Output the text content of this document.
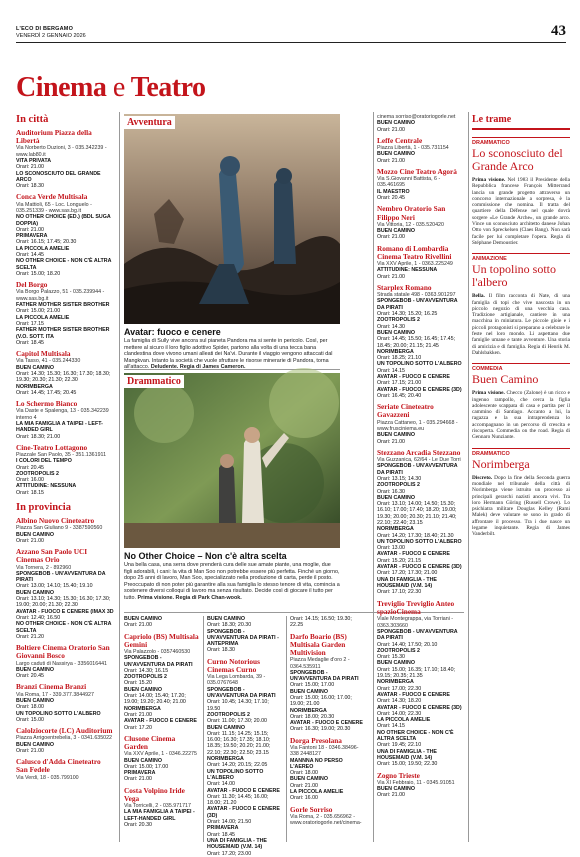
L'ECO DI BERGAMO
VENERDÌ 2 GENNAIO 2026	43
Cinema e Teatro
In città
Auditorium Piazza della Libertà
Via Norberto Duzioni, 3 - 035.342239 - www.lab80.it
VITA PRIVATA
Orari: 21.00
LO SCONOSCIUTO DEL GRANDE ARCO
Orari: 18.30
Conca Verde Multisala
Via Mattioli, 65 - Loc. Longuelo - 035.251339 - www.sas.bg.it
NO OTHER CHOICE (ED.) (BDL SUGA DOPPIA)
Orari: 21.00
PRIMAVERA
Orari: 16.15; 17.45; 20.30
LA PICCOLA AMELIE
Orari: 14.45
NO OTHER CHOICE - NON C'È ALTRA SCELTA
Orari: 15.00; 18.20
Del Borgo
Via Borgo Palazzo, 51 - 035.239944 - www.sas.bg.it
FATHER MOTHER SISTER BROTHER
Orari: 15.00; 21.00
LA PICCOLA AMELIE
Orari: 17.15
FATHER MOTHER SISTER BROTHER (V.O. SOTT. ITA
Orari: 18.45
Capitol Multisala
Via Tasso, 41 - 035.244330
BUEN CAMINO
Orari: 14.30; 15.30; 16.30; 17.30; 18.30; 19.30; 20.30; 21.30; 22.30
NORIMBERGA
Orari: 14.45; 17.45; 20.45
Lo Schermo Bianco
Via Daste e Spalenga, 13 - 035.342239 interno 4
LA MIA FAMIGLIA A TAIPEI - LEFT-HANDED GIRL
Orari: 18.30; 21.00
Cine-Teatro Lottagono
Piazzale San Paolo, 35 - 351.1361911
I COLORI DEL TEMPO
Orari: 20.45
ZOOTROPOLIS 2
Orari: 16.00
ATTITUDINE: NESSUNA
Orari: 18.15
In provincia
Albino Nuovo Cineteatro
Piazza San Giuliano 9 - 3387590560
BUEN CAMINO
Orari: 21.00
Azzano San Paolo UCI Cinemas Orio
Via Tornera, 2 - 892960
SPONGEBOB - UN'AVVENTURA DA PIRATI
Orari: 13.00; 14.10; 15.40; 19.10
BUEN CAMINO
Orari: 13.10; 14.30; 15.30; 16.30; 17.30; 19.00; 20.00; 21.30; 22.30
AVATAR - FUOCO E CENERE (IMAX 3D
Orari: 12.40; 16.50
NO OTHER CHOICE - NON C'È ALTRA SCELTA
Orari: 21.20
Boltiere Cinema Oratorio San Giovanni Bosco
Largo caduti di Nassirya - 3356016441
BUEN CAMINO
Orari: 20.45
Branzi Cinema Branzi
Via Roma, 17 - 339.377.3844927
BUEN CAMINO
Orari: 18.00
UN TOPOLINO SOTTO L'ALBERO
Orari: 15.00
Calolziocorte (LC) Auditorium
Piazza Arrigoentrebelia, 3 - 0341.635022
BUEN CAMINO
Orari: 21.00
Calusco d'Adda Cineteatro San Fedele
Via Verdi, 18 - 035.799100
Avventura
Avatar: fuoco e cenere
La famiglia di Sully vive ancora sul pianeta Pandora ma si sente in pericolo. Così, per mettere al sicuro il loro figlio adottivo Spider, partono alla volta di una tecca bana clandestina dove vivono umani alleati dei Na'vi. Durante il viaggio vengono attaccati dal Mangkvan. Intanto la società che vuole sfruttare le risorse minerarie di Pandora, torna all'attacco. Deludente. Regia di James Cameron.
Drammatico
No Other Choice – Non c'è altra scelta
Una bella casa, una serra dove prenderà cura delle sue amate piante, una moglie, due figli adorabili, i cani: la vita di Man Soo non potrebbe essere più perfetta. Finché un giorno, dopo 25 anni di lavoro, Man Soo, specializzato nella produzione di carta, perde il posto. Preoccupato di non poter più garantire alla sua famiglia lo stesso tenore di vita, comincia a sostenere diversi colloqui di lavoro ma senza risultato. Decide così di giocare il tutto per tutto. Prima visione. Regia di Park Chan-wook.
BUEN CAMINO
Orari: 21.00
Capriolo (BS) Multisala Gemini
Via Palazzolo - 0357460530
SPONGEBOB - UN'AVVENTURA DA PIRATI
Orari: 14.30; 16.15
ZOOTROPOLIS 2
Orari: 15.20
BUEN CAMINO
Orari: 14.00; 15.40; 17.20; 19.00; 19.20; 20.40; 21.00
NORIMBERGA
Orari: 21.00
AVATAR - FUOCO E CENERE
Orari: 17.20
Clusone Cinema Garden
Via XXV Aprile, 1 - 0346.22275
BUEN CAMINO
Orari: 15.00; 17.00
PRIMAVERA
Orari: 21.00
Costa Volpino Iride Vega
Via Torricelli, 2 - 035.971717
LA MIA FAMIGLIA A TAIPEI - LEFT-HANDED GIRL
Orari: 20.30
BUEN CAMINO
Orari: 18.30; 20.30
SPONGEBOB - UN'AVVENTURA DA PIRATI - ANTEPRIMA
Orari: 18.30
Curno Notorious Cinemas Curno
Via Lega Lombarda, 39 - 035.0767648
SPONGEBOB - UN'AVVENTURA DA PIRATI
Orari: 10.45; 14.30; 17.10; 19.50
ZOOTROPOLIS 2
Orari: 11.00; 17.30; 20.00
BUEN CAMINO
Orari: 11.15; 14.25; 15.15; 16.00; 16.30; 17.35; 18.10; 18.35; 19.50; 20.20; 21.00; 22.10; 22.30; 22.50; 23.15
NORIMBERGA
Orari: 14.20; 20.15; 22.05
UN TOPOLINO SOTTO L'ALBERO
Orari: 14.00
AVATAR - FUOCO E CENERE
Orari: 11.30; 14.45; 16.00; 18.00; 21.20
AVATAR - FUOCO E CENERE (3D)
Orari: 14.00; 21.50
PRIMAVERA
Orari: 18.45
UNA DI FAMIGLIA - THE HOUSEMAID (V.M. 14)
Orari: 17.20; 23.00
Orari: 14.15; 16.50; 19.30; 22.25
Darfo Boario (BS) Multisala Garden Multivision
Piazza Medaglie d'oro 2 - 0364.535911
SPONGEBOB - UN'AVVENTURA DA PIRATI
Orari: 15.00; 17.00
BUEN CAMINO
Orari: 15.00; 16.00; 17.00; 19.00; 21.00
NORIMBERGA
Orari: 18.00; 20.30
AVATAR - FUOCO E CENERE
Orari: 16.30; 19.00; 20.30
Dorga Presolana
Via Fantoni 18 - 0346.38496-338 2448127
MANNNA NO PERSO L'AEREO
Orari: 18.00
BUEN CAMINO
Orari: 21.00
LA PICCOLA AMELIE
Orari: 16.00
Gorle Sorriso
Via Roma, 2 - 035.656962 - www.oratoriogorle.net/cinema-
cinema sorriso@oratoriogorle.net
BUEN CAMINO
Orari: 21.00
Leffe Centrale
Piazza Libertà, 1 - 035.731154
BUEN CAMINO
Orari: 21.00
Mozzo Cine Teatro Agorà
Via S.Giovanni Battista, 6 - 035.461695
IL MAESTRO
Orari: 20.45
Nembro Oratorio San Filippo Neri
Via Vittoria, 12 - 035.520420
BUEN CAMINO
Orari: 21.00
Romano di Lombardia Cinema Teatro Rivellini
Via XXV Aprile, 1 - 0363.225249
ATTITUDINE: NESSUNA
Orari: 21.00
Starplex Romano
Strada statale 498 - 0363.901297
SPONGEBOB - UN'AVVENTURA DA PIRATI
Orari: 14.30; 15.20; 16.25
ZOOTROPOLIS 2
Orari: 14.30
BUEN CAMINO
Orari: 14.45; 15.50; 16.45; 17.45; 18.45; 20.00; 21.15; 21.45
NORIMBERGA
Orari: 18.25; 21.10
UN TOPOLINO SOTTO L'ALBERO
Orari: 14.15
AVATAR - FUOCO E CENERE
Orari: 17.15; 21.00
AVATAR - FUOCO E CENERE (3D)
Orari: 16.45; 20.40
Seriate Cineteatro Gavazzeni
Piazza Cattaneo, 1 - 035.294668 - www.frusciniema.eu
BUEN CAMINO
Orari: 21.00
Stezzano Arcadia Stezzano
Via Guzzanica, 62/64 - Le Due Torri
SPONGEBOB - UN'AVVENTURA DA PIRATI
Orari: 13.15; 14.30
ZOOTROPOLIS 2
Orari: 16.30
BUEN CAMINO
Orari: 13.10; 14.00; 14.50; 15.30; 16.10; 17.00; 17.40; 18.20; 19.00; 19.30; 20.00; 20.30; 21.10; 21.40; 22.10; 22.40; 23.15
NORIMBERGA
Orari: 14.20; 17.30; 18.40; 21.30
UN TOPOLINO SOTTO L'ALBERO
Orari: 13.00
AVATAR - FUOCO E CENERE
Orari: 15.20; 21.15
AVATAR - FUOCO E CENERE (3D)
Orari: 17.20; 17.30; 21.00
UNA DI FAMIGLIA - THE HOUSEMAID (V.M. 14)
Orari: 17.10; 22.30
Treviglio Treviglio Anteo spazioCinema
Viale Montegrappa, via Torriani - 0363.303660
SPONGEBOB - UN'AVVENTURA DA PIRATI
Orari: 14.40; 17.50; 20.10
ZOOTROPOLIS 2
Orari: 15.30
BUEN CAMINO
Orari: 15.00; 16.35; 17.10; 18.40; 19.15; 20.35; 21.35
NORIMBERGA
Orari: 17.00; 22.30
AVATAR - FUOCO E CENERE
Orari: 14.30; 18.20
AVATAR - FUOCO E CENERE (3D)
Orari: 14.00; 22.30
LA PICCOLA AMELIE
Orari: 14.15
NO OTHER CHOICE - NON C'È ALTRA SCELTA
Orari: 19.45; 22.10
UNA DI FAMIGLIA - THE HOUSEMAID (V.M. 14)
Orari: 15.00; 19.50; 22.30
Zogno Trieste
Via XI Febbraio, 11 - 0345.91051
BUEN CAMINO
Orari: 21.00
Le trame
DRAMMATICO
Lo sconosciuto del Grande Arco
Prima visione. Nel 1983 il Presidente della Repubblica francese François Mitterrand lancia un grande progetto attraverso un concorso internazionale a sorpresa, è la commissione che nomina. Il tratta del quartiere della Défense nel quale dovrà sorgere «Le Grande Arche», un grande arco. Vince un sconosciuto architetto danese Johan Otto von Spreckelsen (Claes Bang). Non sarà facile per lui completare l'opera. Regia di Stéphane Demoustier.
ANIMAZIONE
Un topolino sotto l'albero
Bella. Il film racconta di Nate, di una famiglia di topi che vive nascosta in un piccolo negozio di una vecchia casa. Tradizione artigianale, cantiere in una macchina in miniatura. Le piccole gioie e i piccoli protagonisti si preparano a celebrare le feste nel loro mondo. Li aspettano due famiglie umane e tante avventure. Una storia di amicizia e di famiglia. Regia di Henrik M. Dahlsbakken.
COMMEDIA
Buen Camino
Prima visione. Checco (Zalone) è un ricco e ingenuo rampollo, che cerca la figlia adolescente scappata di casa e partita per il cammino di Santiago. Accanto a lui, la ragazza e la sua intraprendenza lo accompagnano in un percorso di crescita e riscoperta. Commedia on the road. Regia di Gennaro Nunziante.
DRAMMATICO
Norimberga
Discreto. Dopo la fine della Seconda guerra mondiale nel tribunale della città di Norimberga viene istruito un processo ai principali gerarchi nazisti ancora vivi. Tra loro Hermann Göring (Russell Crowe). Lo psichiatra militare Douglas Kelley (Rami Malek) deve valutare se sono in grado di affrontare il processo. Tra i due nasce un legame inquietante. Regia di James Vanderbilt.
